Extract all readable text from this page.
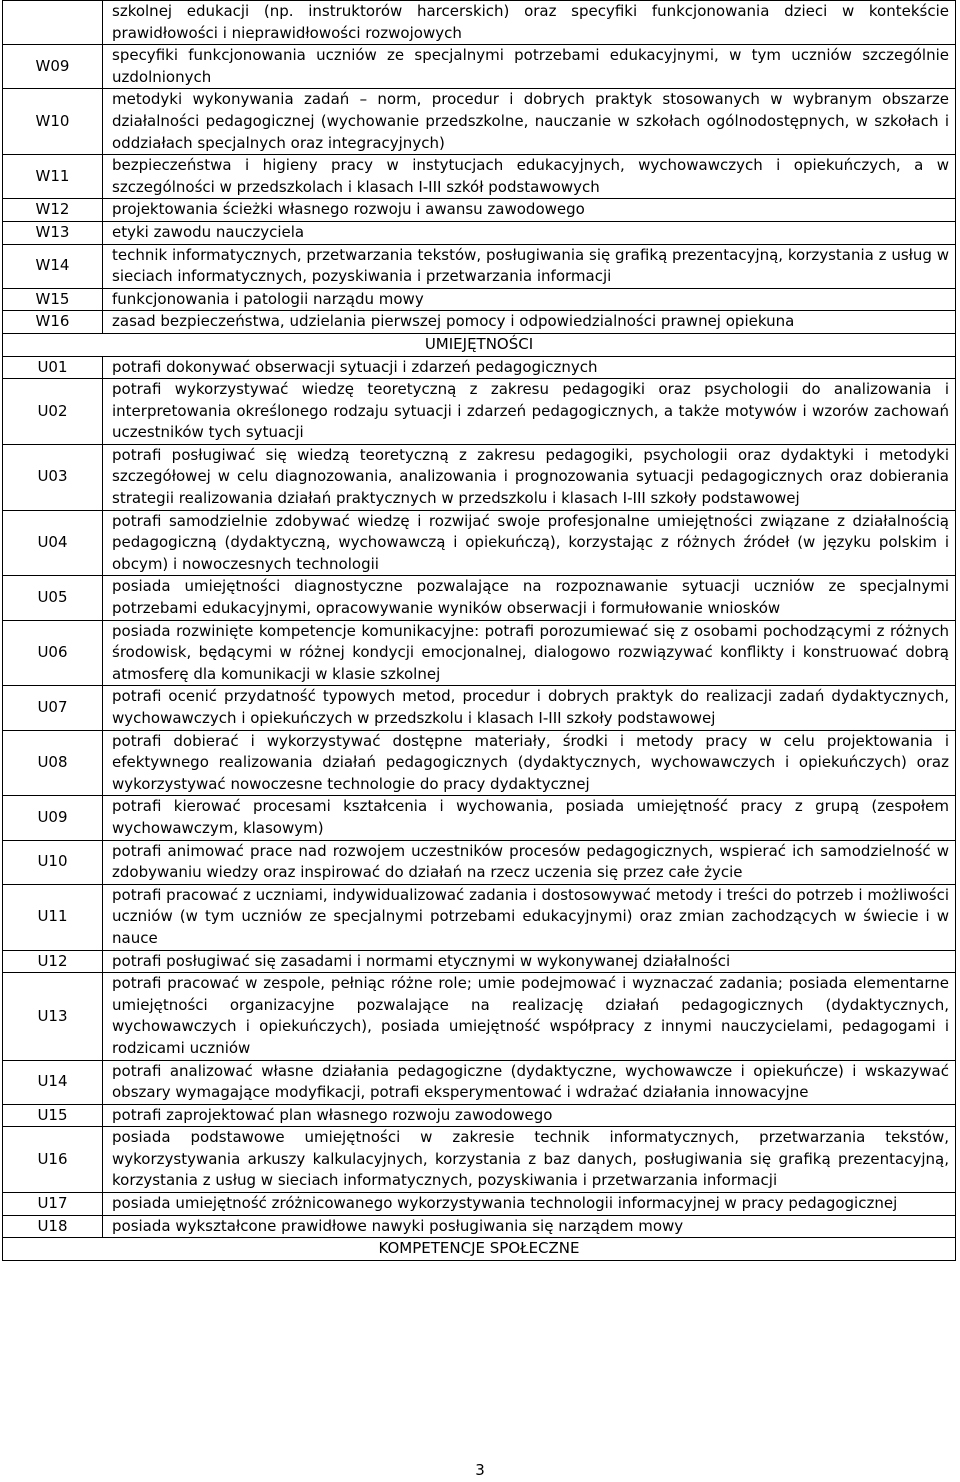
	szkolnej edukacji (np. instruktorów harcerskich) oraz specyfiki funkcjonowania dzieci w kontekście prawidłowości i nieprawidłowości rozwojowych
W09	specyfiki funkcjonowania uczniów ze specjalnymi potrzebami edukacyjnymi, w tym uczniów szczególnie uzdolnionych
W10	metodyki wykonywania zadań – norm, procedur i dobrych praktyk stosowanych w wybranym obszarze działalności pedagogicznej (wychowanie przedszkolne, nauczanie w szkołach ogólnodostępnych, w szkołach i oddziałach specjalnych oraz integracyjnych)
W11	bezpieczeństwa i higieny pracy w instytucjach edukacyjnych, wychowawczych i opiekuńczych, a w szczególności w przedszkolach i klasach I-III szkół podstawowych
W12	projektowania ścieżki własnego rozwoju i awansu zawodowego
W13	etyki zawodu nauczyciela
W14	technik informatycznych, przetwarzania tekstów, posługiwania się grafiką prezentacyjną, korzystania z usług w sieciach informatycznych, pozyskiwania i przetwarzania informacji
W15	funkcjonowania i patologii narządu mowy
W16	zasad bezpieczeństwa, udzielania pierwszej pomocy i odpowiedzialności prawnej opiekuna
UMIEJĘTNOŚCI	
U01	potrafi dokonywać obserwacji sytuacji i zdarzeń pedagogicznych
U02	potrafi wykorzystywać wiedzę teoretyczną z zakresu pedagogiki oraz psychologii do analizowania i interpretowania określonego rodzaju sytuacji i zdarzeń pedagogicznych, a także motywów i wzorów zachowań uczestników tych sytuacji
U03	potrafi posługiwać się wiedzą teoretyczną z zakresu pedagogiki, psychologii oraz dydaktyki i metodyki szczegółowej w celu diagnozowania, analizowania i prognozowania sytuacji pedagogicznych oraz dobierania strategii realizowania działań praktycznych w przedszkolu i klasach I-III szkoły podstawowej
U04	potrafi samodzielnie zdobywać wiedzę i rozwijać swoje profesjonalne umiejętności związane z działalnością pedagogiczną (dydaktyczną, wychowawczą i opiekuńczą), korzystając z różnych źródeł (w języku polskim i obcym) i nowoczesnych technologii
U05	posiada umiejętności diagnostyczne pozwalające na rozpoznawanie sytuacji uczniów ze specjalnymi potrzebami edukacyjnymi, opracowywanie wyników obserwacji i formułowanie wniosków
U06	posiada rozwinięte kompetencje komunikacyjne: potrafi porozumiewać się z osobami pochodzącymi z różnych środowisk, będącymi w różnej kondycji emocjonalnej, dialogowo rozwiązywać konflikty i konstruować dobrą atmosferę dla komunikacji w klasie szkolnej
U07	potrafi ocenić przydatność typowych metod, procedur i dobrych praktyk do realizacji zadań dydaktycznych, wychowawczych i opiekuńczych w przedszkolu i klasach I-III szkoły podstawowej
U08	potrafi dobierać i wykorzystywać dostępne materiały, środki i metody pracy w celu projektowania i efektywnego realizowania działań pedagogicznych (dydaktycznych, wychowawczych i opiekuńczych) oraz wykorzystywać nowoczesne technologie do pracy dydaktycznej
U09	potrafi kierować procesami kształcenia i wychowania, posiada umiejętność pracy z grupą (zespołem wychowawczym, klasowym)
U10	potrafi animować prace nad rozwojem uczestników procesów pedagogicznych, wspierać ich samodzielność w zdobywaniu wiedzy oraz inspirować do działań na rzecz uczenia się przez całe życie
U11	potrafi pracować z uczniami, indywidualizować zadania i dostosowywać metody i treści do potrzeb i możliwości uczniów (w tym uczniów ze specjalnymi potrzebami edukacyjnymi) oraz zmian zachodzących w świecie i w nauce
U12	potrafi posługiwać się zasadami i normami etycznymi w wykonywanej działalności
U13	potrafi pracować w zespole, pełniąc różne role; umie podejmować i wyznaczać zadania; posiada elementarne umiejętności organizacyjne pozwalające na realizację działań pedagogicznych (dydaktycznych, wychowawczych i opiekuńczych), posiada umiejętność współpracy z innymi nauczycielami, pedagogami i rodzicami uczniów
U14	potrafi analizować własne działania pedagogiczne (dydaktyczne, wychowawcze i opiekuńcze) i wskazywać obszary wymagające modyfikacji, potrafi eksperymentować i wdrażać działania innowacyjne
U15	potrafi zaprojektować plan własnego rozwoju zawodowego
U16	posiada podstawowe umiejętności w zakresie technik informatycznych, przetwarzania tekstów, wykorzystywania arkuszy kalkulacyjnych, korzystania z baz danych, posługiwania się grafiką prezentacyjną, korzystania z usług w sieciach informatycznych, pozyskiwania i przetwarzania informacji
U17	posiada umiejętność zróżnicowanego wykorzystywania technologii informacyjnej w pracy pedagogicznej
U18	posiada wykształcone prawidłowe nawyki posługiwania się narządem mowy
KOMPETENCJE SPOŁECZNE	
3
